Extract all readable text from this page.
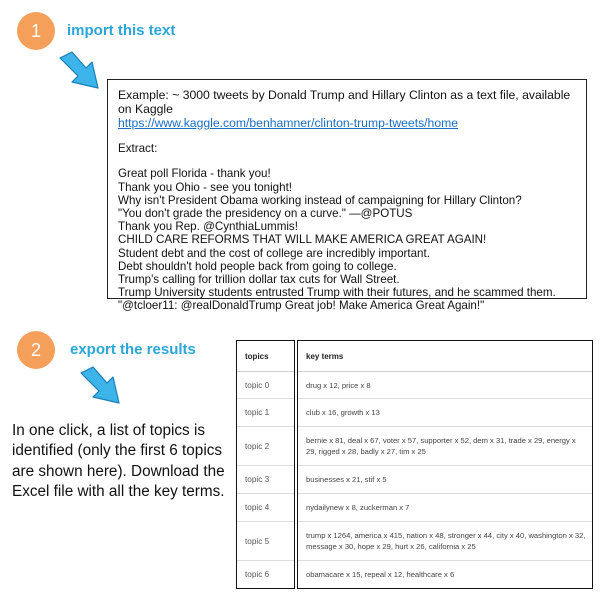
1 import this text
Example: ~ 3000 tweets by Donald Trump and Hillary Clinton as a text file, available on Kaggle
https://www.kaggle.com/benhamner/clinton-trump-tweets/home
Extract:
Great poll Florida - thank you!
Thank you Ohio - see you tonight!
Why isn't President Obama working instead of campaigning for Hillary Clinton?
"You don't grade the presidency on a curve." —@POTUS
Thank you Rep. @CynthiaLummis!
CHILD CARE REFORMS THAT WILL MAKE AMERICA GREAT AGAIN!
Student debt and the cost of college are incredibly important.
Debt shouldn't hold people back from going to college.
Trump's calling for trillion dollar tax cuts for Wall Street.
Trump University students entrusted Trump with their futures, and he scammed them.
"@tcloer11: @realDonaldTrump Great job! Make America Great Again!"
2 export the results
In one click, a list of topics is identified (only the first 6 topics are shown here). Download the Excel file with all the key terms.
topics
topic 0
topic 1
topic 2
topic 3
topic 4
topic 5
topic 6
key terms
drug x 12, price x 8
club x 16, growth x 13
bernie x 81, deal x 67, voter x 57, supporter x 52, dem x 31, trade x 29, energy x 29, rigged x 28, badly x 27, tim x 25
businesses x 21, stif x 5
nydailynew x 8, zuckerman x 7
trump x 1264, america x 415, nation x 48, stronger x 44, city x 40, washington x 32, message x 30, hope x 29, hurt x 26, california x 25
obamacare x 15, repeal x 12, healthcare x 6
